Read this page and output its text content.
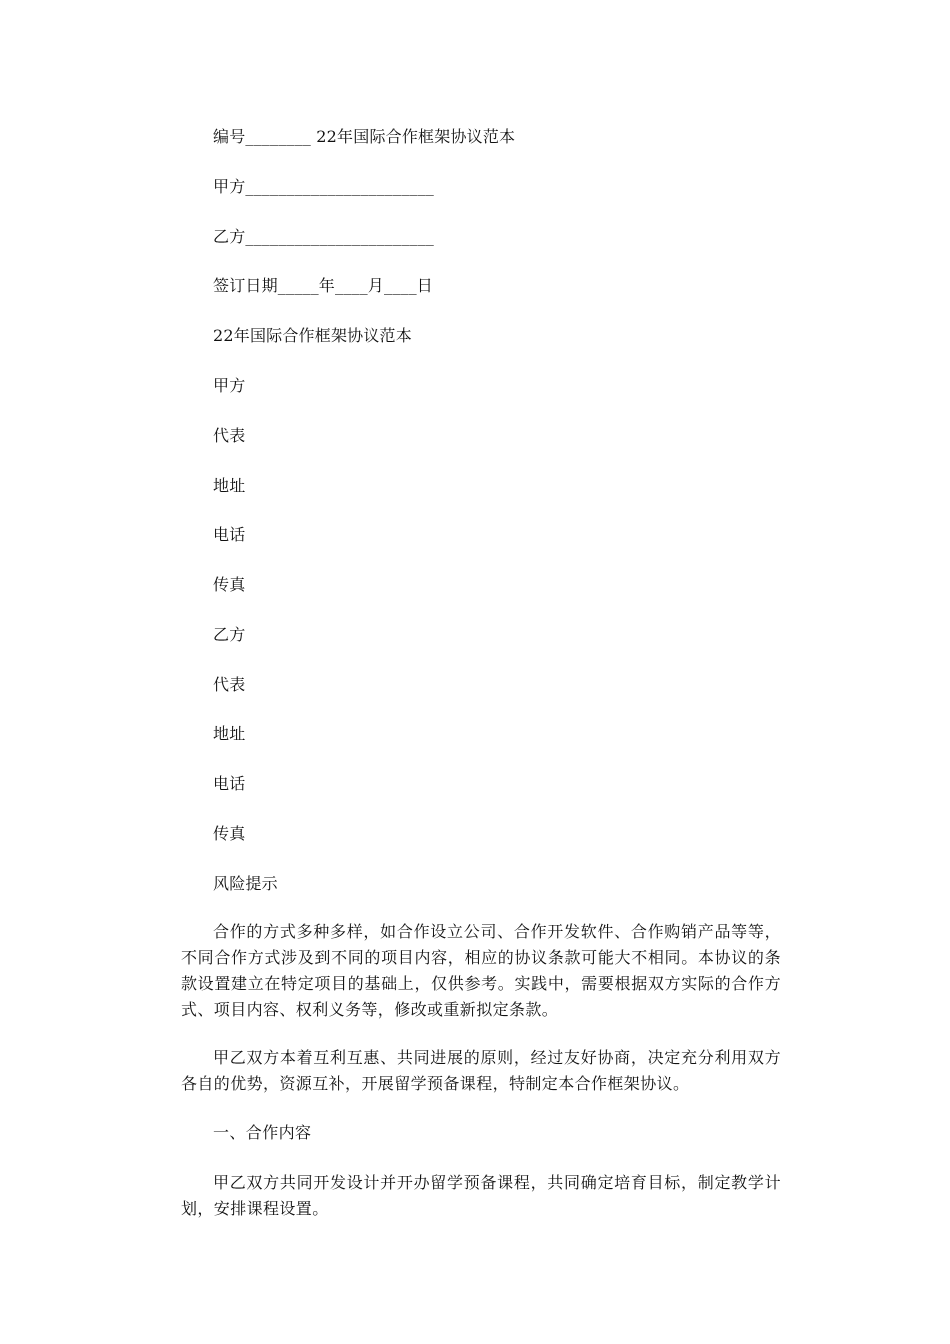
编号________ 22年国际合作框架协议范本
甲方_______________________
乙方_______________________
签订日期_____年____月____日
22年国际合作框架协议范本
甲方
代表
地址
电话
传真
乙方
代表
地址
电话
传真
风险提示
合作的方式多种多样，如合作设立公司、合作开发软件、合作购销产品等等，不同合作方式涉及到不同的项目内容，相应的协议条款可能大不相同。本协议的条款设置建立在特定项目的基础上，仅供参考。实践中，需要根据双方实际的合作方式、项目内容、权利义务等，修改或重新拟定条款。
甲乙双方本着互利互惠、共同进展的原则，经过友好协商，决定充分利用双方各自的优势，资源互补，开展留学预备课程，特制定本合作框架协议。
一、合作内容
甲乙双方共同开发设计并开办留学预备课程，共同确定培育目标，制定教学计划，安排课程设置。
